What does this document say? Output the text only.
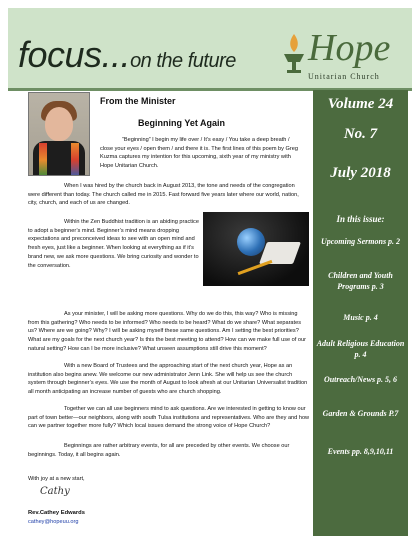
focus...on the future Hope
Unitarian Church
From the Minister
Beginning Yet Again
“Beginning” I begin my life over / It’s easy / You take a deep breath / close your eyes / open them / and there it is. The first lines of this poem by Greg Kuzma captures my intention for this upcoming, sixth year of my ministry with Hope Unitarian Church.
When I was hired by the church back in August 2013, the tone and needs of the congregation were different than today. The church called me in 2015. Fast forward five years later where our world, nation, city, church, and each of us are changed.
Within the Zen Buddhist tradition is an abiding practice to adopt a beginner’s mind. Beginner’s mind means dropping expectations and preconceived ideas to see with an open mind and fresh eyes, just like a beginner. When looking at everything as if it’s brand new, we ask more questions. We bring curiosity and wonder to the conversation.
As your minister, I will be asking more questions. Why do we do this, this way? Who is missing from this gathering? Who needs to be informed? Who needs to be heard? What do we share? What separates us? Where are we going? Why? I will be asking myself these same questions. Am I setting the best priorities? What are my goals for the next church year? Is this the best meeting to attend? How can we make full use of our natural setting? How can I be more inclusive? What unseen assumptions still drive this moment?
With a new Board of Trustees and the approaching start of the next church year, Hope as an institution also begins anew. We welcome our new administrator Jenn Link. She will help us see the church system through beginner’s eyes. We use the month of August to look afresh at our Unitarian Universalist tradition all month anticipating an increase number of guests who are church shopping.
Together we can all use beginners mind to ask questions. Are we interested in getting to know our part of town better—our neighbors, along with south Tulsa institutions and representatives. Who are they and how can we partner together more fully? Which local issues demand the strong voice of Hope Church?
Beginnings are rather arbitrary events, for all are preceded by other events. We choose our beginnings. Today, it all begins again.
With joy at a new start,
Cathy
Rev.Cathey Edwards
cathey@hopeuu.org
Volume 24
No. 7
July 2018
In this issue:
Upcoming Sermons p. 2
Children and Youth Programs p. 3
Music p. 4
Adult Religious Education p. 4
Outreach/News p. 5, 6
Garden & Grounds P.7
Events pp. 8,9,10,11
